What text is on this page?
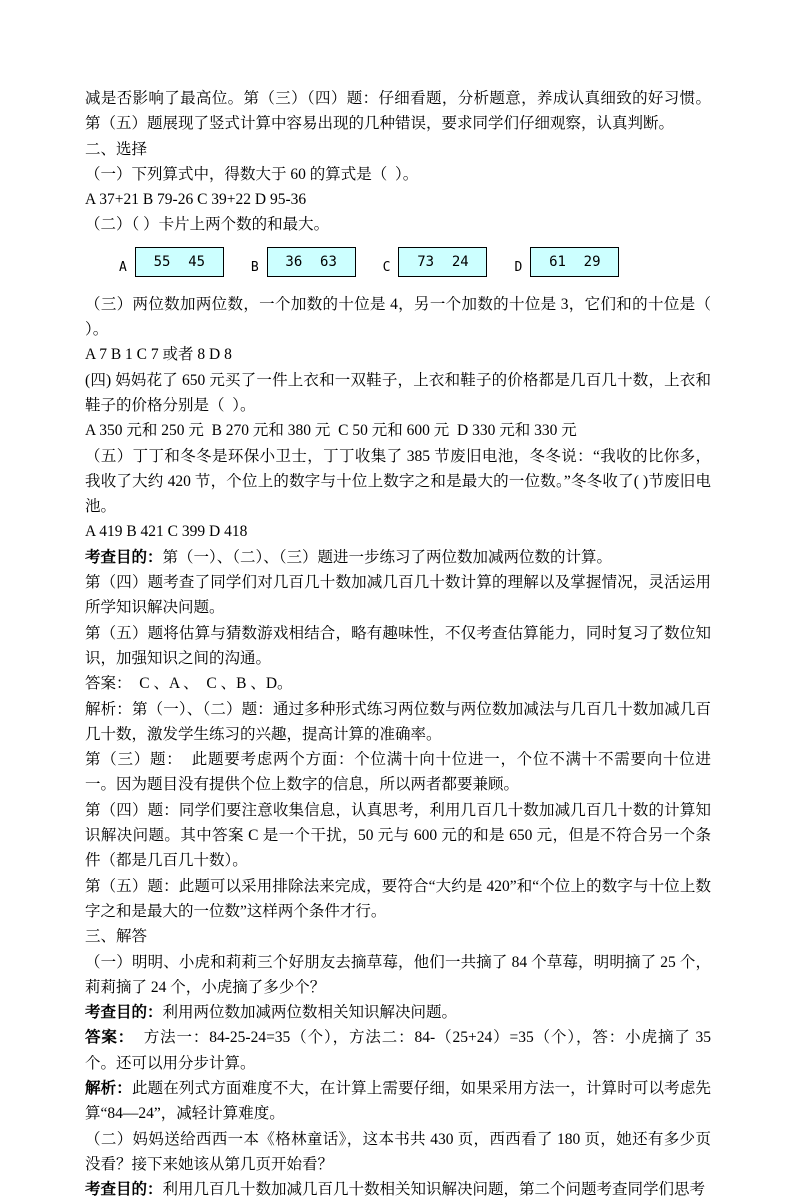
减是否影响了最高位。第（三）（四）题：仔细看题，分析题意，养成认真细致的好习惯。第（五）题展现了竖式计算中容易出现的几种错误，要求同学们仔细观察，认真判断。

二、选择

（一）下列算式中，得数大于 60 的算式是（  ）。

A 37+21 B 79-26 C 39+22 D 95-36

（二）（ ）卡片上两个数的和最大。

A	55 45	B	36 63	C	73 24	D	61 29

（三）两位数加两位数，一个加数的十位是 4，另一个加数的十位是 3，它们和的十位是（ ）。

A 7 B 1 C 7 或者 8 D 8

(四) 妈妈花了 650 元买了一件上衣和一双鞋子，上衣和鞋子的价格都是几百几十数，上衣和鞋子的价格分别是（  ）。

A 350 元和 250 元  B 270 元和 380 元  C 50 元和 600 元  D 330 元和 330 元

（五）丁丁和冬冬是环保小卫士，丁丁收集了 385 节废旧电池，冬冬说：“我收的比你多，我收了大约 420 节，个位上的数字与十位上数字之和是最大的一位数。”冬冬收了( )节废旧电池。

A 419 B 421 C 399 D 418

考查目的：第（一）、（二）、（三）题进一步练习了两位数加减两位数的计算。

第（四）题考查了同学们对几百几十数加减几百几十数计算的理解以及掌握情况，灵活运用所学知识解决问题。

第（五）题将估算与猜数游戏相结合，略有趣味性，不仅考查估算能力，同时复习了数位知识，加强知识之间的沟通。

答案：  C 、A 、  C 、B 、D。

解析：第（一）、（二）题：通过多种形式练习两位数与两位数加减法与几百几十数加减几百几十数，激发学生练习的兴趣，提高计算的准确率。

第（三）题：  此题要考虑两个方面：个位满十向十位进一，个位不满十不需要向十位进一。因为题目没有提供个位上数字的信息，所以两者都要兼顾。

第（四）题：同学们要注意收集信息，认真思考，利用几百几十数加减几百几十数的计算知识解决问题。其中答案 C 是一个干扰，50 元与 600 元的和是 650 元，但是不符合另一个条件（都是几百几十数）。

第（五）题：此题可以采用排除法来完成，要符合“大约是 420”和“个位上的数字与十位上数字之和是最大的一位数”这样两个条件才行。

三、解答

（一）明明、小虎和莉莉三个好朋友去摘草莓，他们一共摘了 84 个草莓，明明摘了 25 个，莉莉摘了 24 个，小虎摘了多少个？

考查目的：利用两位数加减两位数相关知识解决问题。

答案：  方法一：84-25-24=35（个），方法二：84-（25+24）=35（个），答：小虎摘了 35 个。还可以用分步计算。

解析：此题在列式方面难度不大，在计算上需要仔细，如果采用方法一，计算时可以考虑先算“84—24”，减轻计算难度。

（二）妈妈送给西西一本《格林童话》，这本书共 430 页，西西看了 180 页，她还有多少页没看？接下来她该从第几页开始看？

考查目的：利用几百几十数加减几百几十数相关知识解决问题，第二个问题考查同学们思考
